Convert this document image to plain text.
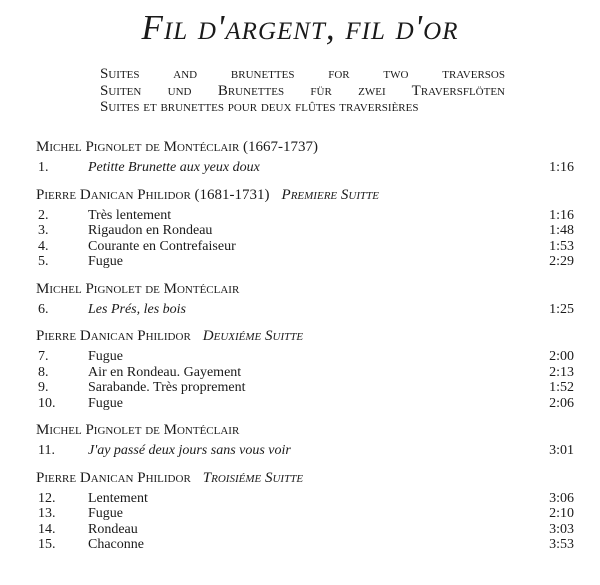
Fil d'argent, fil d'or
Suites and brunettes for two traversos
Suiten und Brunettes für zwei Traversflöten
Suites et brunettes pour deux flûtes traversières
Michel Pignolet de Montéclair (1667-1737)
1.	Petitte Brunette aux yeux doux	1:16
Pierre Danican Philidor (1681-1731) Premiere Suitte
2.	Très lentement	1:16
3.	Rigaudon en Rondeau	1:48
4.	Courante en Contrefaiseur	1:53
5.	Fugue	2:29
Michel Pignolet de Montéclair
6.	Les Prés, les bois	1:25
Pierre Danican Philidor Deuxiéme Suitte
7.	Fugue	2:00
8.	Air en Rondeau. Gayement	2:13
9.	Sarabande. Très proprement	1:52
10.	Fugue	2:06
Michel Pignolet de Montéclair
11.	J'ay passé deux jours sans vous voir	3:01
Pierre Danican Philidor Troisiéme Suitte
12.	Lentement	3:06
13.	Fugue	2:10
14.	Rondeau	3:03
15.	Chaconne	3:53
